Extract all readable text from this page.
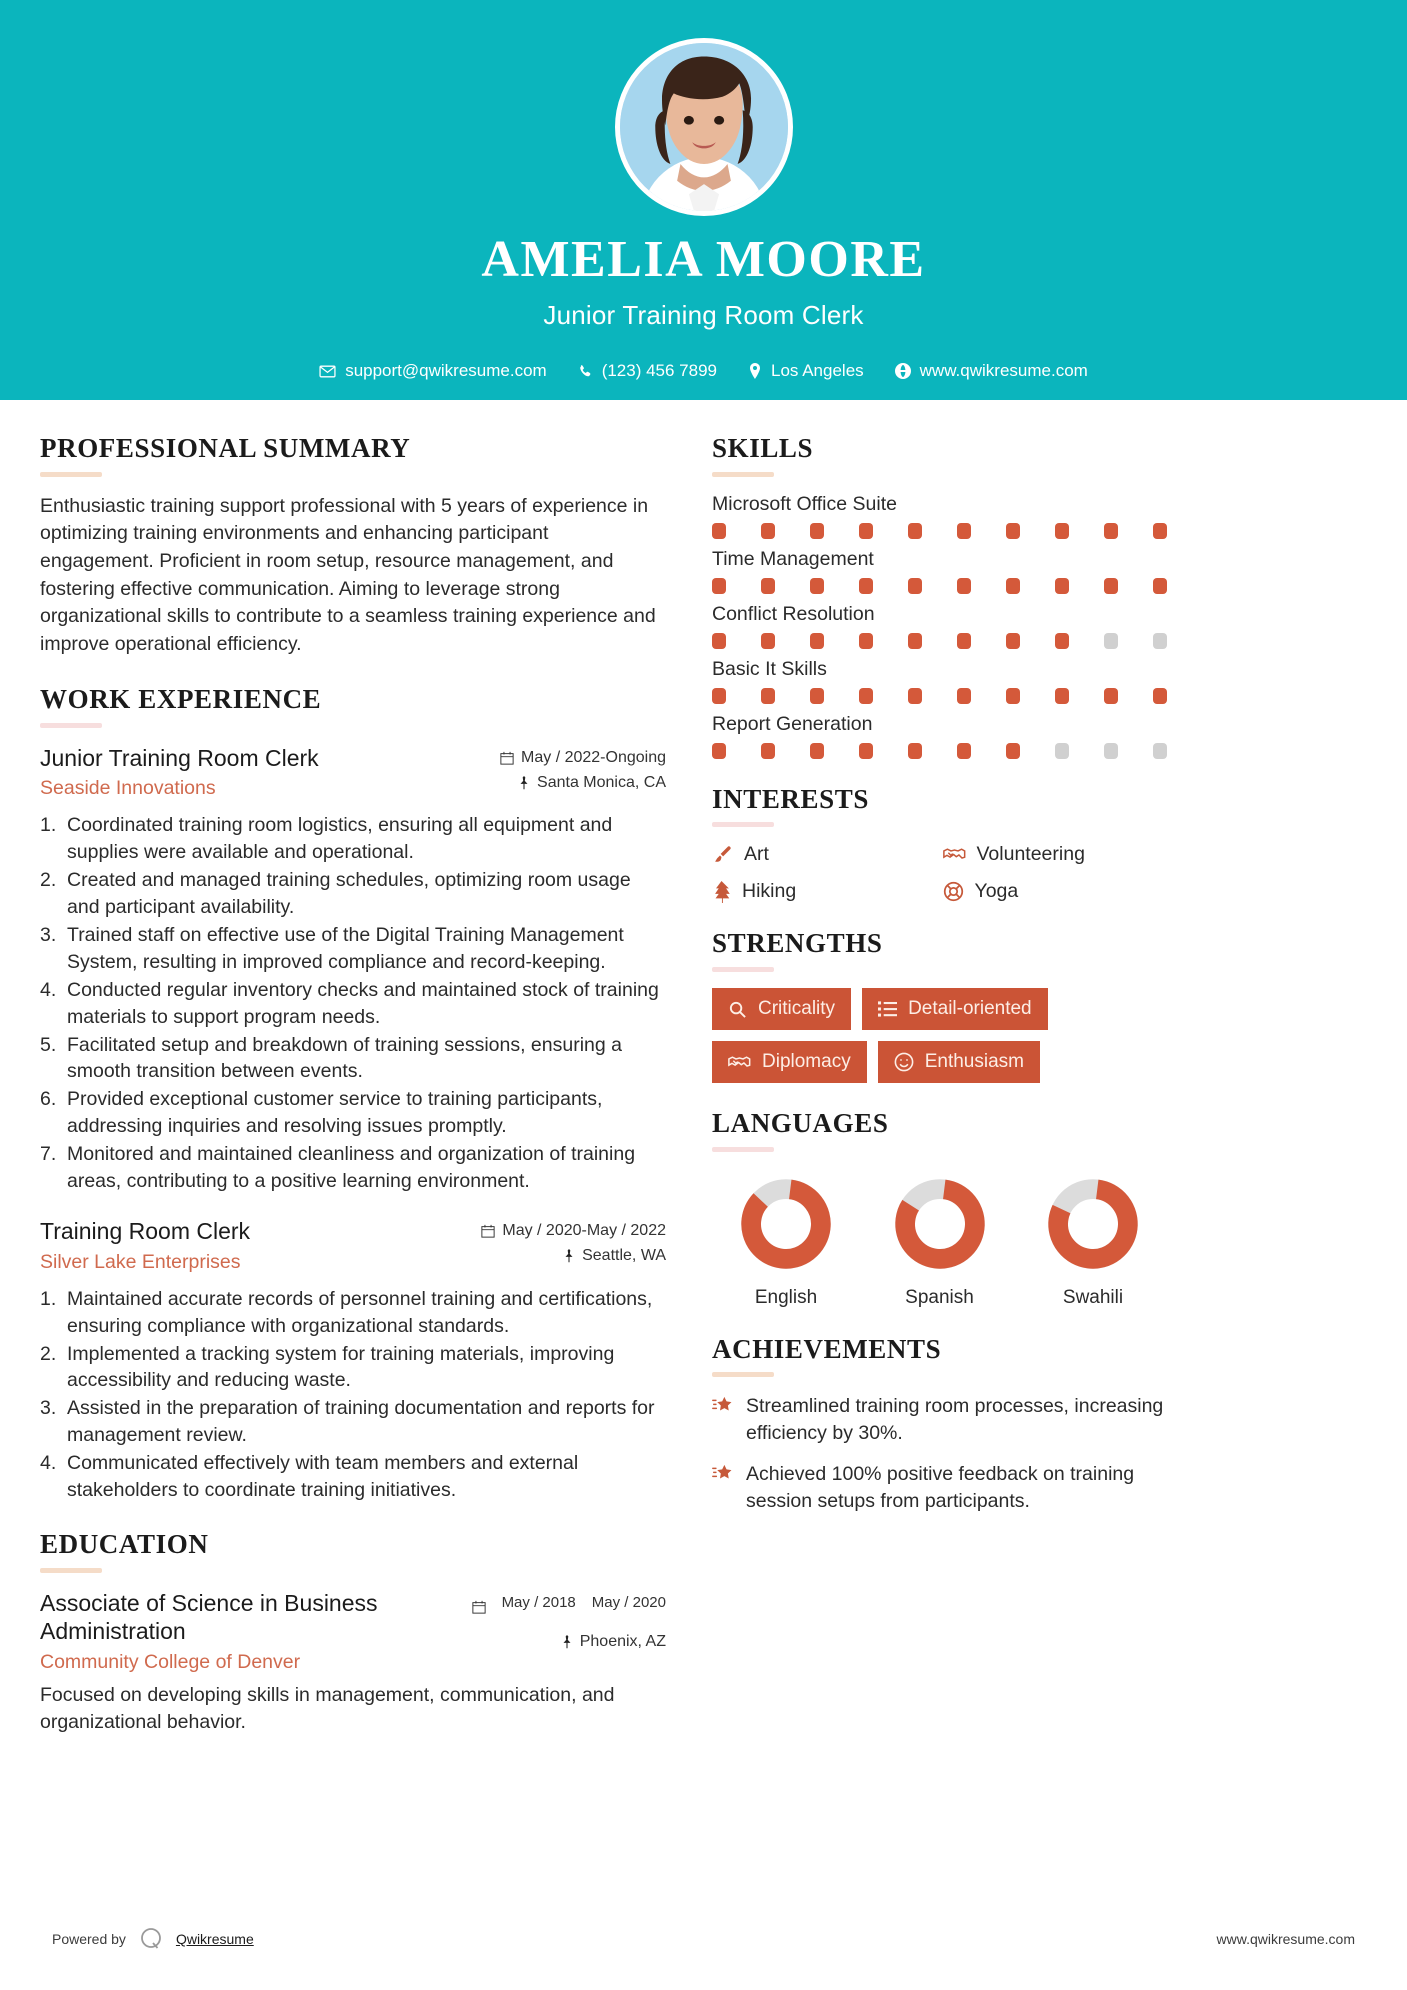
AMELIA MOORE
Junior Training Room Clerk
support@qwikresume.com	(123) 456 7899	Los Angeles	www.qwikresume.com
PROFESSIONAL SUMMARY
Enthusiastic training support professional with 5 years of experience in optimizing training environments and enhancing participant engagement. Proficient in room setup, resource management, and fostering effective communication. Aiming to leverage strong organizational skills to contribute to a seamless training experience and improve operational efficiency.
WORK EXPERIENCE
Junior Training Room Clerk
Seaside Innovations
May / 2022-Ongoing
Santa Monica, CA
Coordinated training room logistics, ensuring all equipment and supplies were available and operational.
Created and managed training schedules, optimizing room usage and participant availability.
Trained staff on effective use of the Digital Training Management System, resulting in improved compliance and record-keeping.
Conducted regular inventory checks and maintained stock of training materials to support program needs.
Facilitated setup and breakdown of training sessions, ensuring a smooth transition between events.
Provided exceptional customer service to training participants, addressing inquiries and resolving issues promptly.
Monitored and maintained cleanliness and organization of training areas, contributing to a positive learning environment.
Training Room Clerk
Silver Lake Enterprises
May / 2020-May / 2022
Seattle, WA
Maintained accurate records of personnel training and certifications, ensuring compliance with organizational standards.
Implemented a tracking system for training materials, improving accessibility and reducing waste.
Assisted in the preparation of training documentation and reports for management review.
Communicated effectively with team members and external stakeholders to coordinate training initiatives.
EDUCATION
Associate of Science in Business Administration
Community College of Denver
May / 2018 May / 2020
Phoenix, AZ
Focused on developing skills in management, communication, and organizational behavior.
SKILLS
Microsoft Office Suite
Time Management
Conflict Resolution
Basic It Skills
Report Generation
INTERESTS
Art	Volunteering
Hiking	Yoga
STRENGTHS
Criticality	Detail-oriented
Diplomacy	Enthusiasm
LANGUAGES
English	Spanish	Swahili
ACHIEVEMENTS
Streamlined training room processes, increasing efficiency by 30%.
Achieved 100% positive feedback on training session setups from participants.
Powered by	Qwikresume	www.qwikresume.com
